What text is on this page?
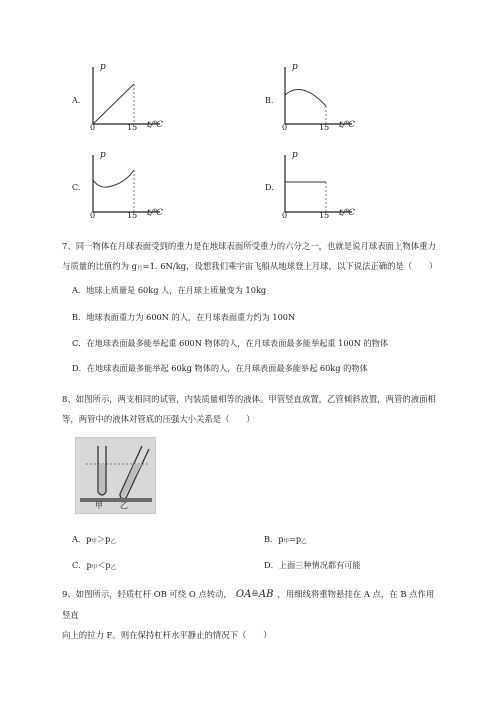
A.
p
0	15 t/℃
B.
p
0	15 t/℃
C.
p
0	15 t/℃
D.
p
0	15 t/℃
7、同一物体在月球表面受到的重力是在地球表面所受重力的六分之一，也就是说月球表面上物体重力
与质量的比值约为 g月=1. 6N/kg，设想我们乘宇宙飞船从地球登上月球，以下说法正确的是（　　）
A．地球上质量是 60kg 人，在月球上质量变为 10kg
B．地球表面重力为 600N 的人，在月球表面重力约为 100N
C．在地球表面最多能举起重 600N 物体的人，在月球表面最多能举起重 100N 的物体
D．在地球表面最多能举起 60kg 物体的人，在月球表面最多能举起 60kg 的物体
8、如图所示，两支相同的试管，内装质量相等的液体。甲管竖直放置，乙管倾斜放置，两管的液面相
等，两管中的液体对管底的压强大小关系是（　　）
甲 乙
A．p甲＞p乙	B．p甲=p乙
C．p甲＜p乙	D．上面三种情况都有可能
9、如图所示，轻质杠杆 OB 可绕 O 点转动， OA≞AB ，用细线将重物悬挂在 A 点，在 B 点作用竖直
向上的拉力 F。则在保持杠杆水平静止的情况下（　　）
